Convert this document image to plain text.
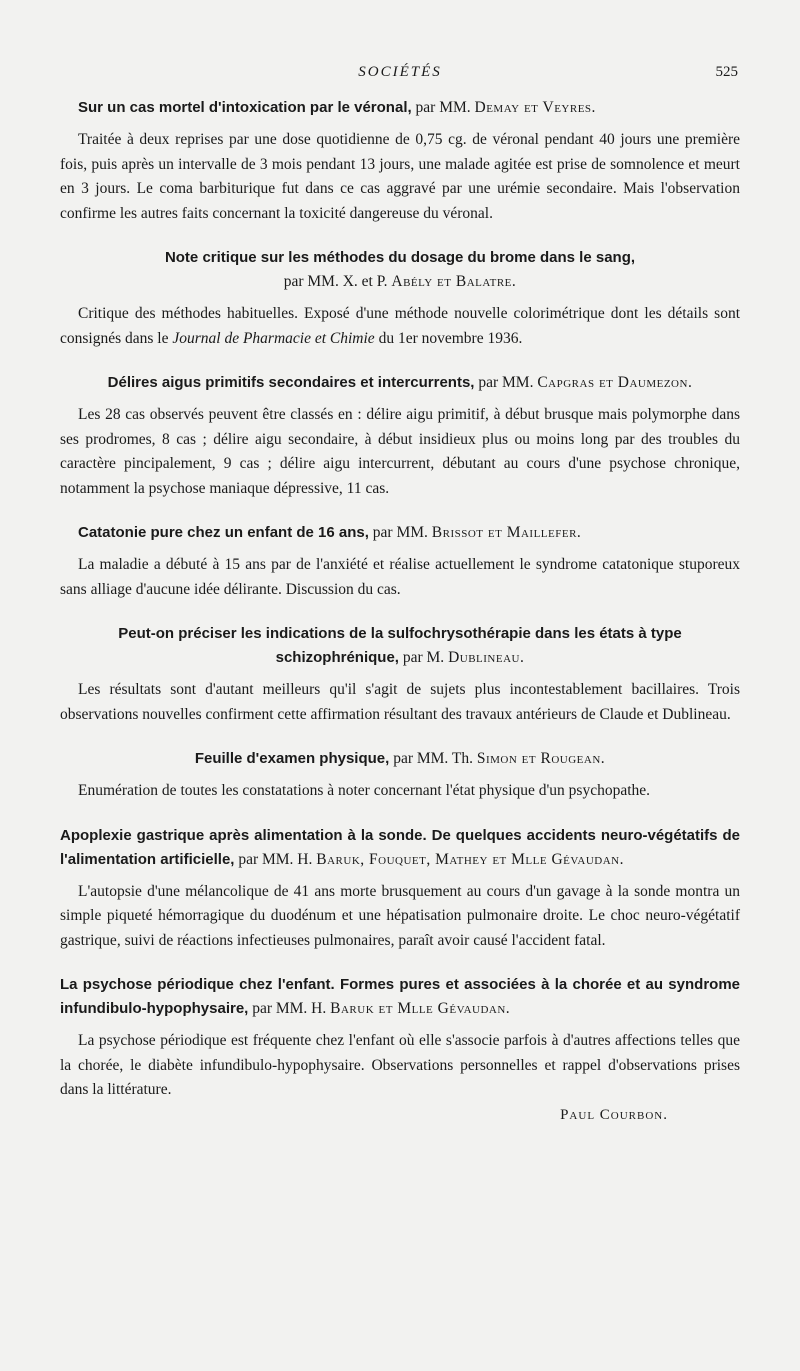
SOCIÉTÉS	525

Sur un cas mortel d'intoxication par le véronal, par MM. Demay et Veyres.

Traitée à deux reprises par une dose quotidienne de 0,75 cg. de véronal pendant 40 jours une première fois, puis après un intervalle de 3 mois pendant 13 jours, une malade agitée est prise de somnolence et meurt en 3 jours. Le coma barbiturique fut dans ce cas aggravé par une urémie secondaire. Mais l'observation confirme les autres faits concernant la toxicité dangereuse du véronal.

Note critique sur les méthodes du dosage du brome dans le sang,
par MM. X. et P. Abély et Balatre.

Critique des méthodes habituelles. Exposé d'une méthode nouvelle colorimétrique dont les détails sont consignés dans le Journal de Pharmacie et Chimie du 1er novembre 1936.

Délires aigus primitifs secondaires et intercurrents, par MM. Capgras et Daumezon.

Les 28 cas observés peuvent être classés en : délire aigu primitif, à début brusque mais polymorphe dans ses prodromes, 8 cas ; délire aigu secondaire, à début insidieux plus ou moins long par des troubles du caractère pincipalement, 9 cas ; délire aigu intercurrent, débutant au cours d'une psychose chronique, notamment la psychose maniaque dépressive, 11 cas.

Catatonie pure chez un enfant de 16 ans, par MM. Brissot et Maillefer.

La maladie a débuté à 15 ans par de l'anxiété et réalise actuellement le syndrome catatonique stuporeux sans alliage d'aucune idée délirante. Discussion du cas.

Peut-on préciser les indications de la sulfochrysothérapie dans les états à type schizophrénique, par M. Dublineau.

Les résultats sont d'autant meilleurs qu'il s'agit de sujets plus incontestablement bacillaires. Trois observations nouvelles confirment cette affirmation résultant des travaux antérieurs de Claude et Dublineau.

Feuille d'examen physique, par MM. Th. Simon et Rougean.

Enumération de toutes les constatations à noter concernant l'état physique d'un psychopathe.

Apoplexie gastrique après alimentation à la sonde. De quelques accidents neuro-végétatifs de l'alimentation artificielle, par MM. H. Baruk, Fouquet, Mathey et Mlle Gévaudan.

L'autopsie d'une mélancolique de 41 ans morte brusquement au cours d'un gavage à la sonde montra un simple piqueté hémorragique du duodénum et une hépatisation pulmonaire droite. Le choc neuro-végétatif gastrique, suivi de réactions infectieuses pulmonaires, paraît avoir causé l'accident fatal.

La psychose périodique chez l'enfant. Formes pures et associées à la chorée et au syndrome infundibulo-hypophysaire, par MM. H. Baruk et Mlle Gévaudan.

La psychose périodique est fréquente chez l'enfant où elle s'associe parfois à d'autres affections telles que la chorée, le diabète infundibulo-hypophysaire. Observations personnelles et rappel d'observations prises dans la littérature.

Paul Courbon.
